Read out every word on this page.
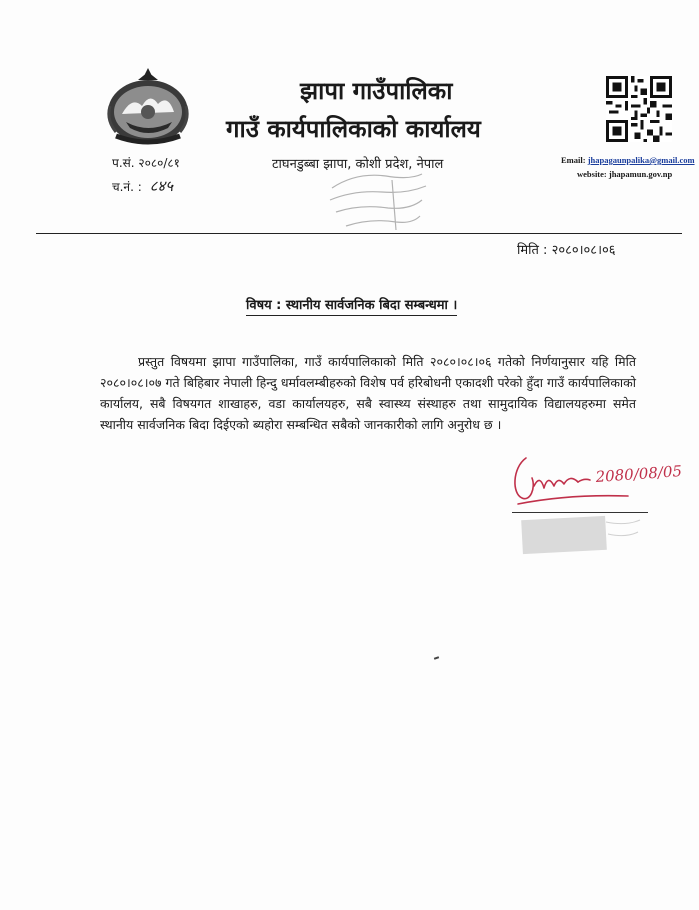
झापा गाउँपालिका
गाउँ कार्यपालिकाको कार्यालय
टाघनडुब्बा झापा, कोशी प्रदेश, नेपाल
प.सं. २०८०/८१
च.नं. : ८४५
Email: jhapagaunpalika@gmail.com
website: jhapamun.gov.np
मिति : २०८०।०८।०६
विषय : स्थानीय सार्वजनिक बिदा सम्बन्धमा ।

प्रस्तुत विषयमा झापा गाउँपालिका, गाउँ कार्यपालिकाको मिति २०८०।०८।०६ गतेको निर्णयानुसार यहि मिति २०८०।०८।०७ गते बिहिबार नेपाली हिन्दु धर्मावलम्बीहरुको विशेष पर्व हरिबोधनी एकादशी परेको हुँदा गाउँ कार्यपालिकाको कार्यालय, सबै विषयगत शाखाहरु, वडा कार्यालयहरु, सबै स्वास्थ्य संस्थाहरु तथा सामुदायिक विद्यालयहरुमा समेत स्थानीय सार्वजनिक बिदा दिईएको ब्यहोरा सम्बन्धित सबैको जानकारीको लागि अनुरोध छ ।

2080/08/05
